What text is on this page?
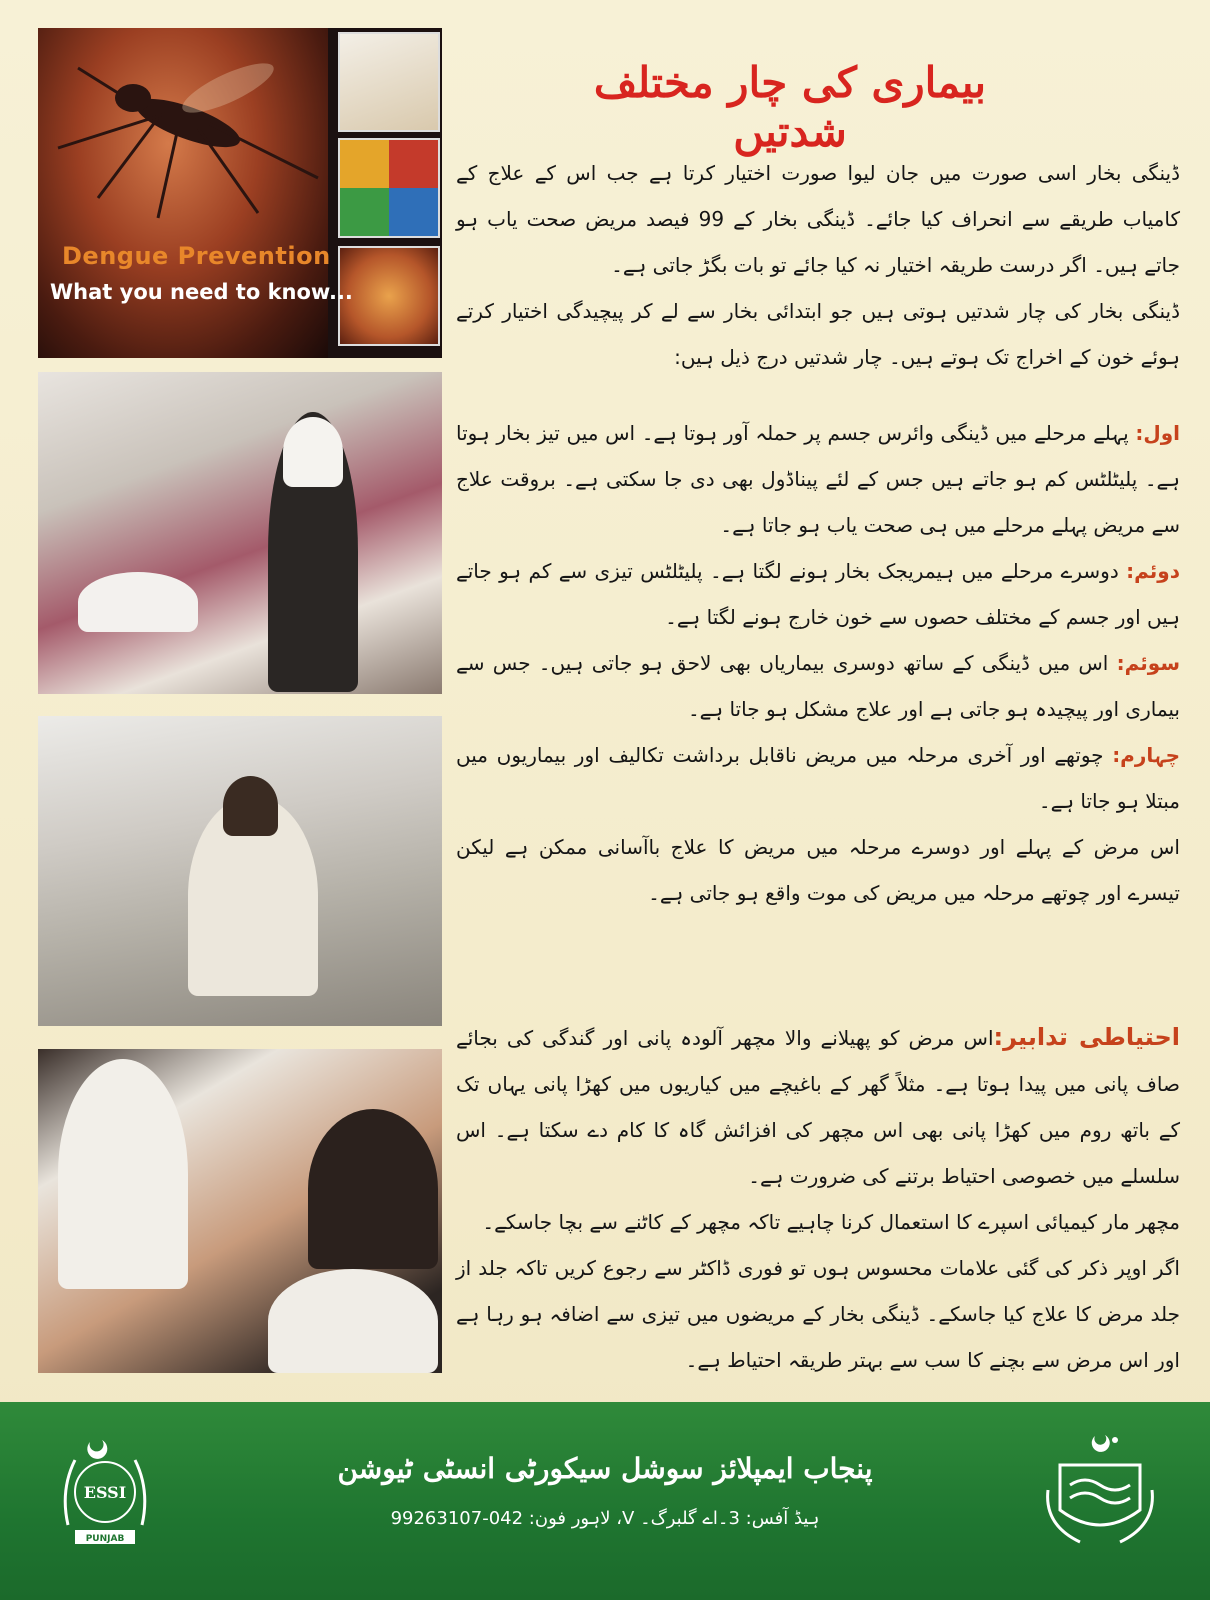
Dengue Prevention
What you need to know...
بیماری کی چار مختلف شدتیں

ڈینگی بخار اسی صورت میں جان لیوا صورت اختیار کرتا ہے جب اس کے علاج کے کامیاب طریقے سے انحراف کیا جائے۔ ڈینگی بخار کے 99 فیصد مریض صحت یاب ہو جاتے ہیں۔ اگر درست طریقہ اختیار نہ کیا جائے تو بات بگڑ جاتی ہے۔

ڈینگی بخار کی چار شدتیں ہوتی ہیں جو ابتدائی بخار سے لے کر پیچیدگی اختیار کرتے ہوئے خون کے اخراج تک ہوتے ہیں۔ چار شدتیں درج ذیل ہیں:

اول: پہلے مرحلے میں ڈینگی وائرس جسم پر حملہ آور ہوتا ہے۔ اس میں تیز بخار ہوتا ہے۔ پلیٹلٹس کم ہو جاتے ہیں جس کے لئے پیناڈول بھی دی جا سکتی ہے۔ بروقت علاج سے مریض پہلے مرحلے میں ہی صحت یاب ہو جاتا ہے۔

دوئم: دوسرے مرحلے میں ہیمریجک بخار ہونے لگتا ہے۔ پلیٹلٹس تیزی سے کم ہو جاتے ہیں اور جسم کے مختلف حصوں سے خون خارج ہونے لگتا ہے۔

سوئم: اس میں ڈینگی کے ساتھ دوسری بیماریاں بھی لاحق ہو جاتی ہیں۔ جس سے بیماری اور پیچیدہ ہو جاتی ہے اور علاج مشکل ہو جاتا ہے۔

چہارم: چوتھے اور آخری مرحلہ میں مریض ناقابل برداشت تکالیف اور بیماریوں میں مبتلا ہو جاتا ہے۔

اس مرض کے پہلے اور دوسرے مرحلہ میں مریض کا علاج باآسانی ممکن ہے لیکن تیسرے اور چوتھے مرحلہ میں مریض کی موت واقع ہو جاتی ہے۔

احتیاطی تدابیر:اس مرض کو پھیلانے والا مچھر آلودہ پانی اور گندگی کی بجائے صاف پانی میں پیدا ہوتا ہے۔ مثلاً گھر کے باغیچے میں کیاریوں میں کھڑا پانی یہاں تک کے باتھ روم میں کھڑا پانی بھی اس مچھر کی افزائش گاہ کا کام دے سکتا ہے۔ اس سلسلے میں خصوصی احتیاط برتنے کی ضرورت ہے۔

مچھر مار کیمیائی اسپرے کا استعمال کرنا چاہیے تاکہ مچھر کے کاٹنے سے بچا جاسکے۔

اگر اوپر ذکر کی گئی علامات محسوس ہوں تو فوری ڈاکٹر سے رجوع کریں تاکہ جلد از جلد مرض کا علاج کیا جاسکے۔ ڈینگی بخار کے مریضوں میں تیزی سے اضافہ ہو رہا ہے اور اس مرض سے بچنے کا سب سے بہتر طریقہ احتیاط ہے۔

ESSI
PUNJAB
پنجاب ایمپلائز سوشل سیکورٹی انسٹی ٹیوشن
ہیڈ آفس: 3۔اے گلبرگ۔ V، لاہور فون: 042-99263107
